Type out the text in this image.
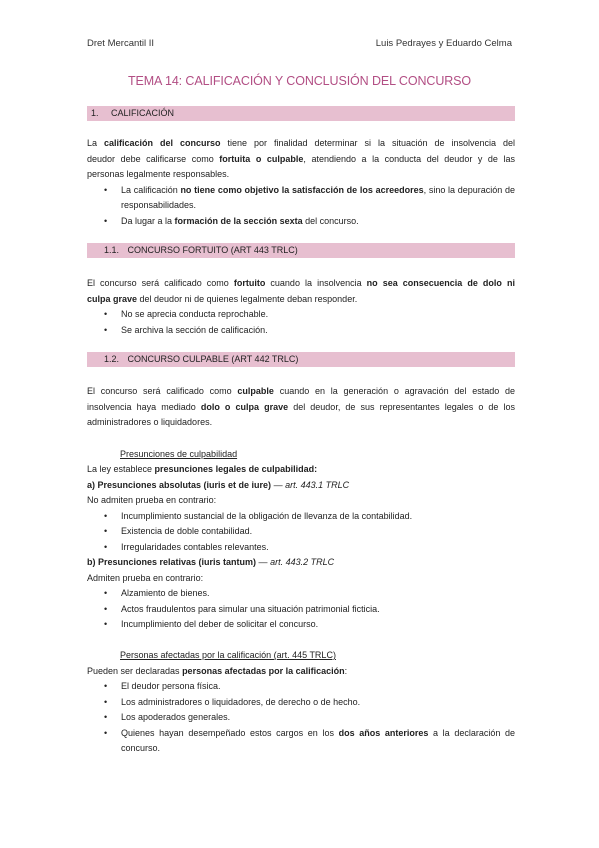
Dret Mercantil II	Luis Pedrayes y Eduardo Celma
TEMA 14: CALIFICACIÓN Y CONCLUSIÓN DEL CONCURSO
1. CALIFICACIÓN
La calificación del concurso tiene por finalidad determinar si la situación de insolvencia del
deudor debe calificarse como fortuita o culpable, atendiendo a la conducta del deudor y de las
personas legalmente responsables.
• La calificación no tiene como objetivo la satisfacción de los acreedores, sino la depuración de responsabilidades.
• Da lugar a la formación de la sección sexta del concurso.
1.1. CONCURSO FORTUITO (ART 443 TRLC)
El concurso será calificado como fortuito cuando la insolvencia no sea consecuencia de dolo ni
culpa grave del deudor ni de quienes legalmente deban responder.
• No se aprecia conducta reprochable.
• Se archiva la sección de calificación.
1.2. CONCURSO CULPABLE (ART 442 TRLC)
El concurso será calificado como culpable cuando en la generación o agravación del estado de
insolvencia haya mediado dolo o culpa grave del deudor, de sus representantes legales o de los
administradores o liquidadores.
Presunciones de culpabilidad
La ley establece presunciones legales de culpabilidad:
a) Presunciones absolutas (iuris et de iure) — art. 443.1 TRLC
No admiten prueba en contrario:
• Incumplimiento sustancial de la obligación de llevanza de la contabilidad.
• Existencia de doble contabilidad.
• Irregularidades contables relevantes.
b) Presunciones relativas (iuris tantum) — art. 443.2 TRLC
Admiten prueba en contrario:
• Alzamiento de bienes.
• Actos fraudulentos para simular una situación patrimonial ficticia.
• Incumplimiento del deber de solicitar el concurso.
Personas afectadas por la calificación (art. 445 TRLC)
Pueden ser declaradas personas afectadas por la calificación:
• El deudor persona física.
• Los administradores o liquidadores, de derecho o de hecho.
• Los apoderados generales.
• Quienes hayan desempeñado estos cargos en los dos años anteriores a la declaración de concurso.
